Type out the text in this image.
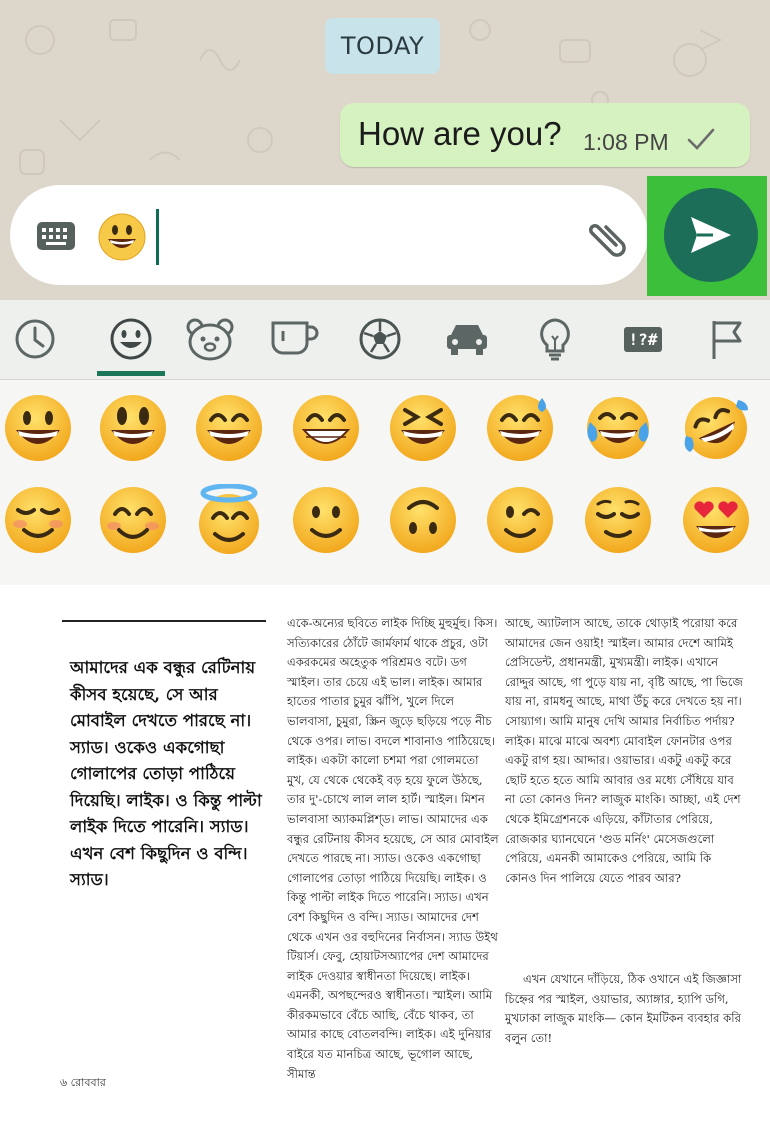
TODAY
How are you? 1:08 PM
!?#
আমাদের এক বন্ধুর রেটিনায় কীসব হয়েছে, সে আর মোবাইল দেখতে পারছে না। স্যাড। ওকেও একগোছা গোলাপের তোড়া পাঠিয়ে দিয়েছি। লাইক। ও কিন্তু পাল্টা লাইক দিতে পারেনি। স্যাড। এখন বেশ কিছুদিন ও বন্দি। স্যাড।

একে-অন্যের ছবিতে লাইক দিচ্ছি মুহুর্মুহু। কিস। সত্যিকারের ঠোঁটে জার্মফার্ম থাকে প্রচুর, ওটা একরকমের অহেতুক পরিশ্রমও বটে। ডগ স্মাইল। তার চেয়ে এই ভাল। লাইক। আমার হাতের পাতার চুমুর ঝাঁপি, খুলে দিলে ভালবাসা, চুমুরা, স্ক্রিন জুড়ে ছড়িয়ে পড়ে নীচ থেকে ওপর। লাভ। বদলে শাবানাও পাঠিয়েছে। লাইক। একটা কালো চশমা পরা গোলমতো মুখ, যে থেকে থেকেই বড় হয়ে ফুলে উঠছে, তার দু'-চোখে লাল লাল হার্ট। স্মাইল। মিশন ভালবাসা অ্যাকমপ্লিশ্ড। লাভ। আমাদের এক বন্ধুর রেটিনায় কীসব হয়েছে, সে আর মোবাইল দেখতে পারছে না। স্যাড। ওকেও একগোছা গোলাপের তোড়া পাঠিয়ে দিয়েছি। লাইক। ও কিন্তু পাল্টা লাইক দিতে পারেনি। স্যাড। এখন বেশ কিছুদিন ও বন্দি। স্যাড। আমাদের দেশ থেকে এখন ওর বহুদিনের নির্বাসন। স্যাড উইথ টিয়ার্স। ফেবু, হোয়াটসঅ্যাপের দেশ আমাদের লাইক দেওয়ার স্বাধীনতা দিয়েছে। লাইক। এমনকী, অপছন্দেরও স্বাধীনতা। স্মাইল। আমি কীরকমভাবে বেঁচে আছি, বেঁচে থাকব, তা আমার কাছে বোতলবন্দি। লাইক। এই দুনিয়ার বাইরে যত মানচিত্র আছে, ভূগোল আছে, সীমান্ত

আছে, অ্যাটলাস আছে, তাকে থোড়াই পরোয়া করে আমাদের জেন ওয়াই! স্মাইল। আমার দেশে আমিই প্রেসিডেন্ট, প্রধানমন্ত্রী, মুখ্যমন্ত্রী। লাইক। এখানে রোদ্দুর আছে, গা পুড়ে যায় না, বৃষ্টি আছে, পা ভিজে যায় না, রামধনু আছে, মাথা উঁচু করে দেখতে হয় না। সোয়্যাগ। আমি মানুষ দেখি আমার নির্বাচিত পর্দায়? লাইক। মাঝে মাঝে অবশ্য মোবাইল ফোনটার ওপর একটু রাগ হয়। আদ্দার। ওয়াভার। একটু একটু করে ছোট হতে হতে আমি আবার ওর মধ্যে সেঁধিয়ে যাব না তো কোনও দিন? লাজুক মাংকি। আচ্ছা, এই দেশ থেকে ইমিগ্রেশনকে এড়িয়ে, কাঁটাতার পেরিয়ে, রোজকার ঘ্যানঘেনে 'গুড মর্নিং' মেসেজগুলো পেরিয়ে, এমনকী আমাকেও পেরিয়ে, আমি কি কোনও দিন পালিয়ে যেতে পারব আর?

এখন যেখানে দাঁড়িয়ে, ঠিক ওখানে এই জিজ্ঞাসা চিহ্নের পর স্মাইল, ওয়াভার, অ্যাঙ্গার, হ্যাপি ডগি, মুখঢাকা লাজুক মাংকি— কোন ইমটিকন ব্যবহার করি বলুন তো!

৬ রোববার
